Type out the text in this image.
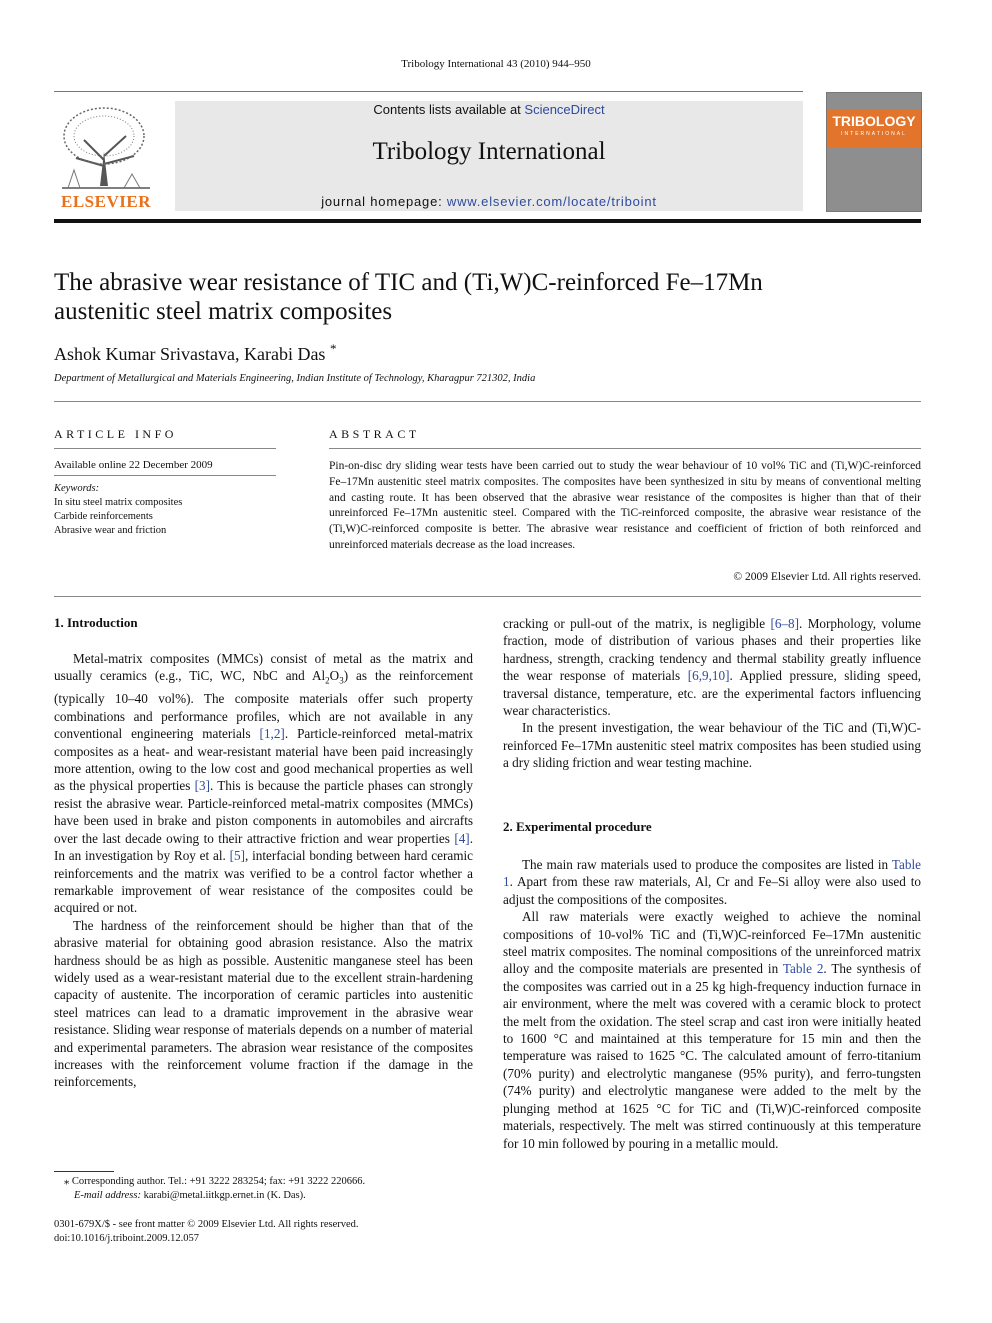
Tribology International 43 (2010) 944–950
ELSEVIER
Contents lists available at ScienceDirect
Tribology International
journal homepage: www.elsevier.com/locate/triboint
TRIBOLOGY
INTERNATIONAL
The abrasive wear resistance of TIC and (Ti,W)C-reinforced Fe–17Mn
austenitic steel matrix composites
Ashok Kumar Srivastava, Karabi Das *
Department of Metallurgical and Materials Engineering, Indian Institute of Technology, Kharagpur 721302, India
ARTICLE INFO
Available online 22 December 2009
Keywords:
In situ steel matrix composites
Carbide reinforcements
Abrasive wear and friction
ABSTRACT
Pin-on-disc dry sliding wear tests have been carried out to study the wear behaviour of 10 vol% TiC and (Ti,W)C-reinforced Fe–17Mn austenitic steel matrix composites. The composites have been synthesized in situ by means of conventional melting and casting route. It has been observed that the abrasive wear resistance of the composites is higher than that of their unreinforced Fe–17Mn austenitic steel. Compared with the TiC-reinforced composite, the abrasive wear resistance of the (Ti,W)C-reinforced composite is better. The abrasive wear resistance and coefficient of friction of both reinforced and unreinforced materials decrease as the load increases.
© 2009 Elsevier Ltd. All rights reserved.
1. Introduction

Metal-matrix composites (MMCs) consist of metal as the matrix and usually ceramics (e.g., TiC, WC, NbC and $Al_2O_3$) as the reinforcement (typically 10–40 vol%). The composite materials offer such property combinations and performance profiles, which are not available in any conventional engineering materials [1,2]. Particle-reinforced metal-matrix composites as a heat- and wear-resistant material have been paid increasingly more attention, owing to the low cost and good mechanical properties as well as the physical properties [3]. This is because the particle phases can strongly resist the abrasive wear. Particle-reinforced metal-matrix composites (MMCs) have been used in brake and piston components in automobiles and aircrafts over the last decade owing to their attractive friction and wear properties [4]. In an investigation by Roy et al. [5], interfacial bonding between hard ceramic reinforcements and the matrix was verified to be a control factor whether a remarkable improvement of wear resistance of the composites could be acquired or not.

The hardness of the reinforcement should be higher than that of the abrasive material for obtaining good abrasion resistance. Also the matrix hardness should be as high as possible. Austenitic manganese steel has been widely used as a wear-resistant material due to the excellent strain-hardening capacity of austenite. The incorporation of ceramic particles into austenitic steel matrices can lead to a dramatic improvement in the abrasive wear resistance. Sliding wear response of materials depends on a number of material and experimental parameters. The abrasion wear resistance of the composites increases with the reinforcement volume fraction if the damage in the reinforcements,

⁎ Corresponding author. Tel.: +91 3222 283254; fax: +91 3222 220666.
E-mail address: karabi@metal.iitkgp.ernet.in (K. Das).
0301-679X/$ - see front matter © 2009 Elsevier Ltd. All rights reserved.
doi:10.1016/j.triboint.2009.12.057

cracking or pull-out of the matrix, is negligible [6–8]. Morphology, volume fraction, mode of distribution of various phases and their properties like hardness, strength, cracking tendency and thermal stability greatly influence the wear response of materials [6,9,10]. Applied pressure, sliding speed, traversal distance, temperature, etc. are the experimental factors influencing wear characteristics.

In the present investigation, the wear behaviour of the TiC and (Ti,W)C-reinforced Fe–17Mn austenitic steel matrix composites has been studied using a dry sliding friction and wear testing machine.

2. Experimental procedure

The main raw materials used to produce the composites are listed in Table 1. Apart from these raw materials, Al, Cr and Fe–Si alloy were also used to adjust the compositions of the composites.

All raw materials were exactly weighed to achieve the nominal compositions of 10-vol% TiC and (Ti,W)C-reinforced Fe–17Mn austenitic steel matrix composites. The nominal compositions of the unreinforced matrix alloy and the composite materials are presented in Table 2. The synthesis of the composites was carried out in a 25 kg high-frequency induction furnace in air environment, where the melt was covered with a ceramic block to protect the melt from the oxidation. The steel scrap and cast iron were initially heated to 1600 °C and maintained at this temperature for 15 min and then the temperature was raised to 1625 °C. The calculated amount of ferro-titanium (70% purity) and electrolytic manganese (95% purity), and ferro-tungsten (74% purity) and electrolytic manganese were added to the melt by the plunging method at 1625 °C for TiC and (Ti,W)C-reinforced composite materials, respectively. The melt was stirred continuously at this temperature for 10 min followed by pouring in a metallic mould.
